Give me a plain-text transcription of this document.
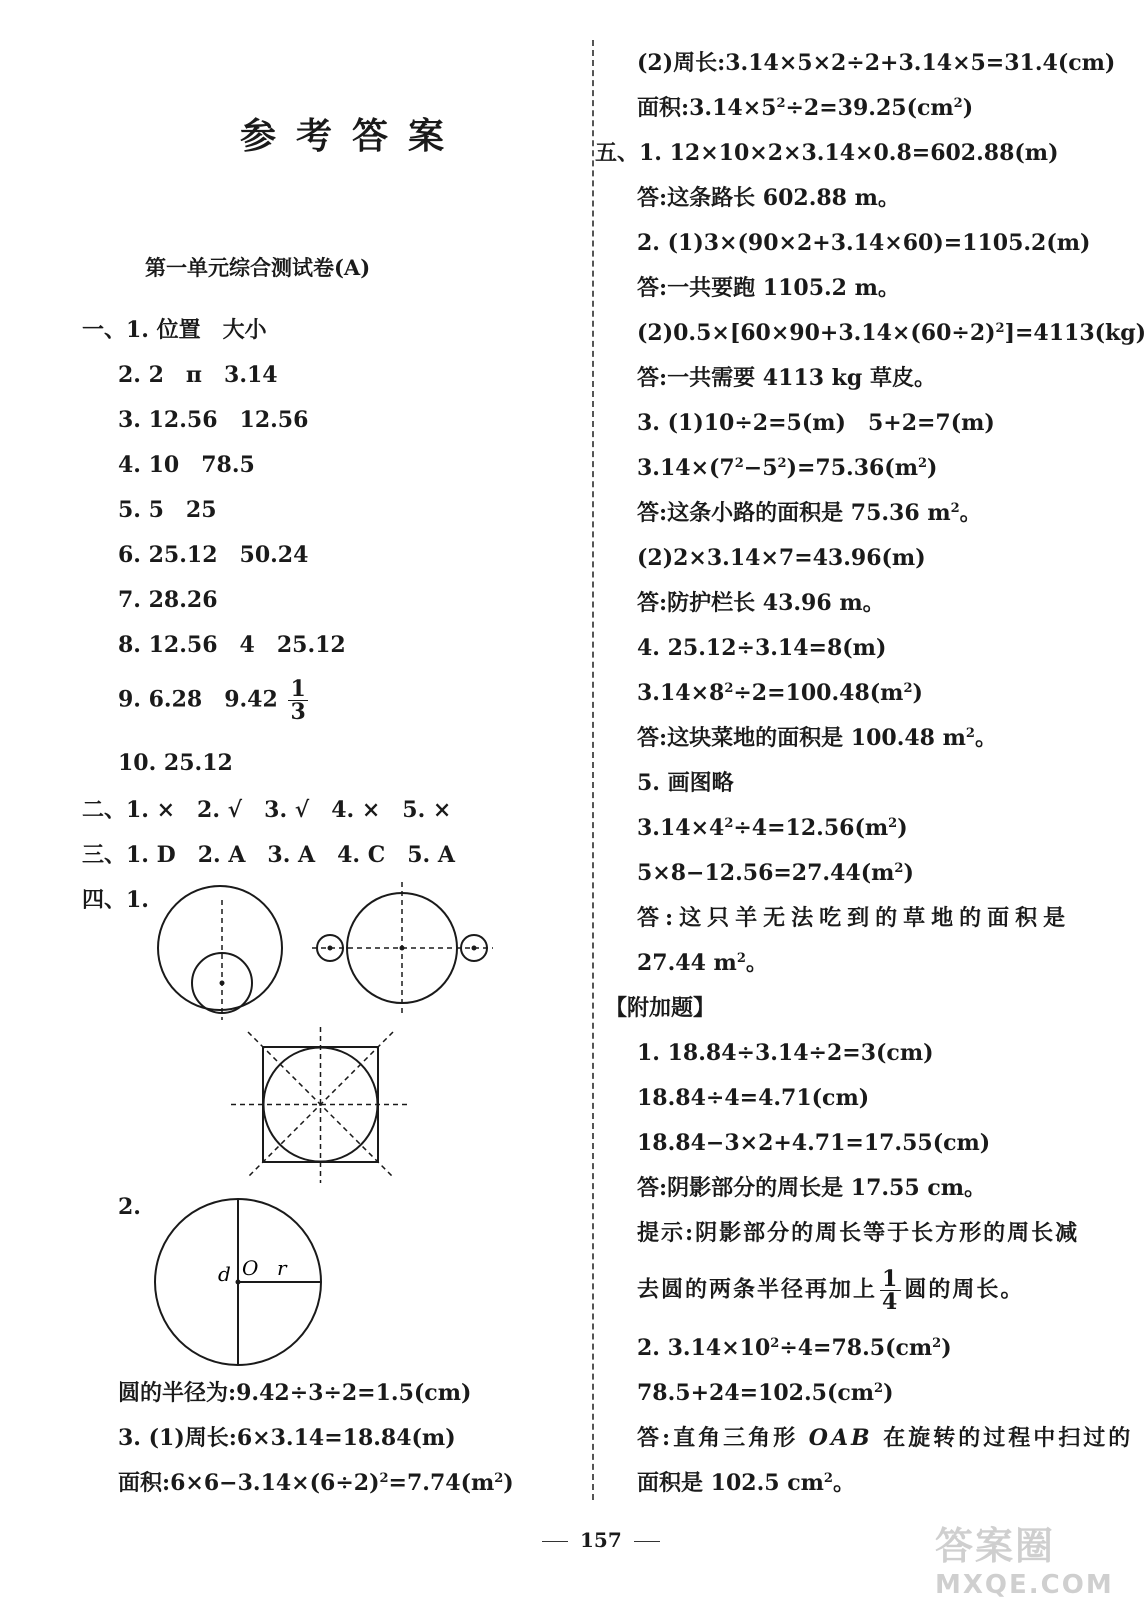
参考答案
第一单元综合测试卷(A)
一、1. 位置　大小
2. 2　π　3.14
3. 12.56　12.56
4. 10　78.5
5. 5　25
6. 25.12　50.24
7. 28.26
8. 12.56　4　25.12
9. 6.28　$9.42 \frac{1}{3}$
10. 25.12
二、1. ×　2. √　3. √　4. ×　5. ×
三、1. D　2. A　3. A　4. C　5. A
四、1.
2.
d O r
圆的半径为:9.42÷3÷2=1.5(cm)
3. (1)周长:6×3.14=18.84(m)
面积$:6\times 6-3.14\times(6\div 2)^2=7.74(m^2)$
(2)周长:3.14×5×2÷2+3.14×5=31.4(cm)
面积$:3.14\times 5^2\div 2=39.25(cm^2)$
五、1. 12×10×2×3.14×0.8=602.88(m)
答:这条路长 602.88 m。
2. (1)3×(90×2+3.14×60)=1105.2(m)
答:一共要跑 1105.2 m。
$(2)0.5\times[60\times 90+3.14\times(60\div 2)^2]=4113(kg)$
答:一共需要 4113 kg 草皮。
3. (1)10÷2=5(m)　5+2=7(m)
$3.14\times(7^2-5^2)=75.36(m^2)$
答:这条小路的面积是 75.36 $m^2$。
(2)2×3.14×7=43.96(m)
答:防护栏长 43.96 m。
4. 25.12÷3.14=8(m)
$3.14\times 8^2\div 2=100.48(m^2)$
答:这块菜地的面积是 100.48 $m^2$。
5. 画图略
$3.14\times 4^2\div 4=12.56(m^2)$
$5\times 8-12.56=27.44(m^2)$
答:这只羊无法吃到的草地的面积是
27.44 $m^2$。
【附加题】
1. 18.84÷3.14÷2=3(cm)
18.84÷4=4.71(cm)
18.84−3×2+4.71=17.55(cm)
答:阴影部分的周长是 17.55 cm。
提示:阴影部分的周长等于长方形的周长减
去圆的两条半径再加上 $\frac{1}{4}$ 圆的周长。
2. $3.14\times 10^2\div 4=78.5(cm^2)$
$78.5+24=102.5(cm^2)$
答:直角三角形 OAB 在旋转的过程中扫过的
面积是 102.5 $cm^2$。
157	答案圈
MXQE.COM
